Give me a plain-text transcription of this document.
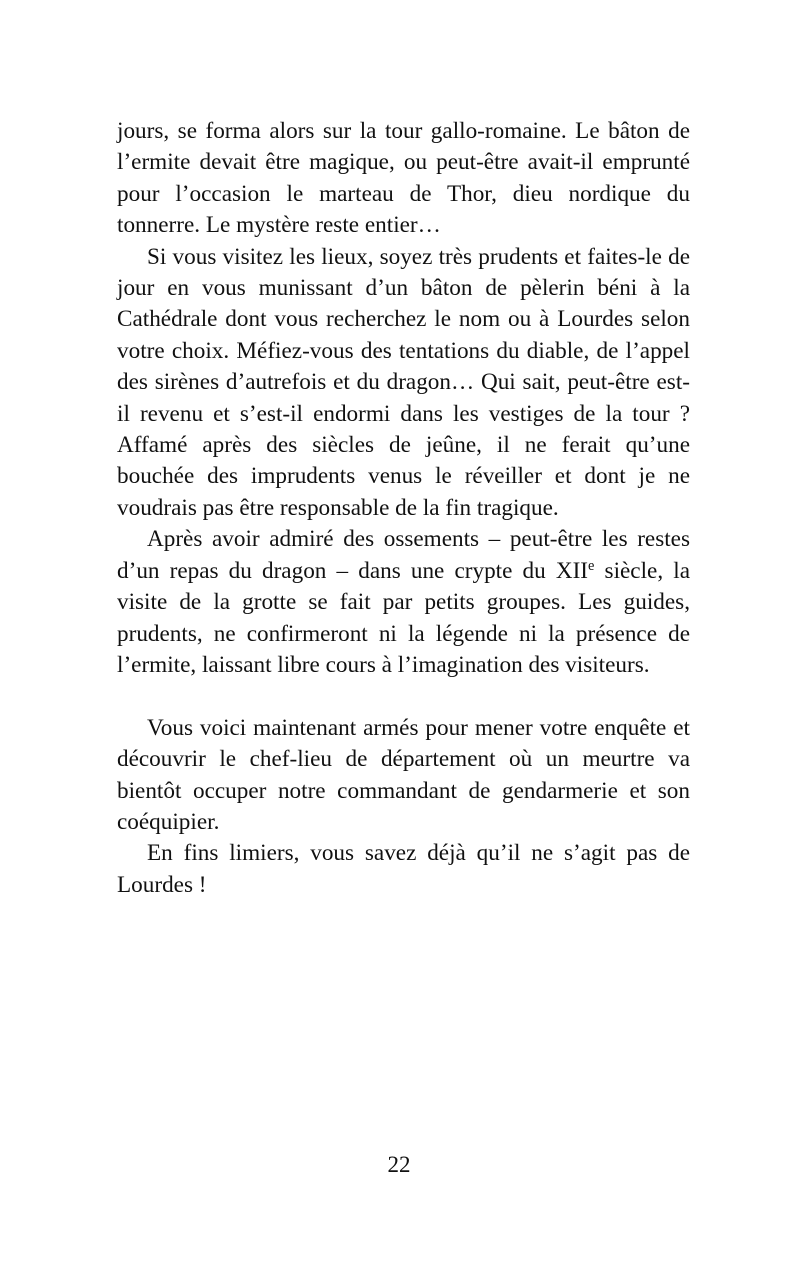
jours, se forma alors sur la tour gallo-romaine. Le bâton de l’ermite devait être magique, ou peut-être avait-il emprunté pour l’occasion le marteau de Thor, dieu nordique du tonnerre. Le mystère reste entier…

Si vous visitez les lieux, soyez très prudents et faites-le de jour en vous munissant d’un bâton de pèlerin béni à la Cathédrale dont vous recherchez le nom ou à Lourdes selon votre choix. Méfiez-vous des tentations du diable, de l’appel des sirènes d’autrefois et du dragon… Qui sait, peut-être est-il revenu et s’est-il endormi dans les vestiges de la tour ? Affamé après des siècles de jeûne, il ne ferait qu’une bouchée des imprudents venus le réveiller et dont je ne voudrais pas être responsable de la fin tragique.

Après avoir admiré des ossements – peut-être les restes d’un repas du dragon – dans une crypte du XIIe siècle, la visite de la grotte se fait par petits groupes. Les guides, prudents, ne confirmeront ni la légende ni la présence de l’ermite, laissant libre cours à l’imagination des visiteurs.

Vous voici maintenant armés pour mener votre enquête et découvrir le chef-lieu de département où un meurtre va bientôt occuper notre commandant de gendarmerie et son coéquipier.

En fins limiers, vous savez déjà qu’il ne s’agit pas de Lourdes !

22
